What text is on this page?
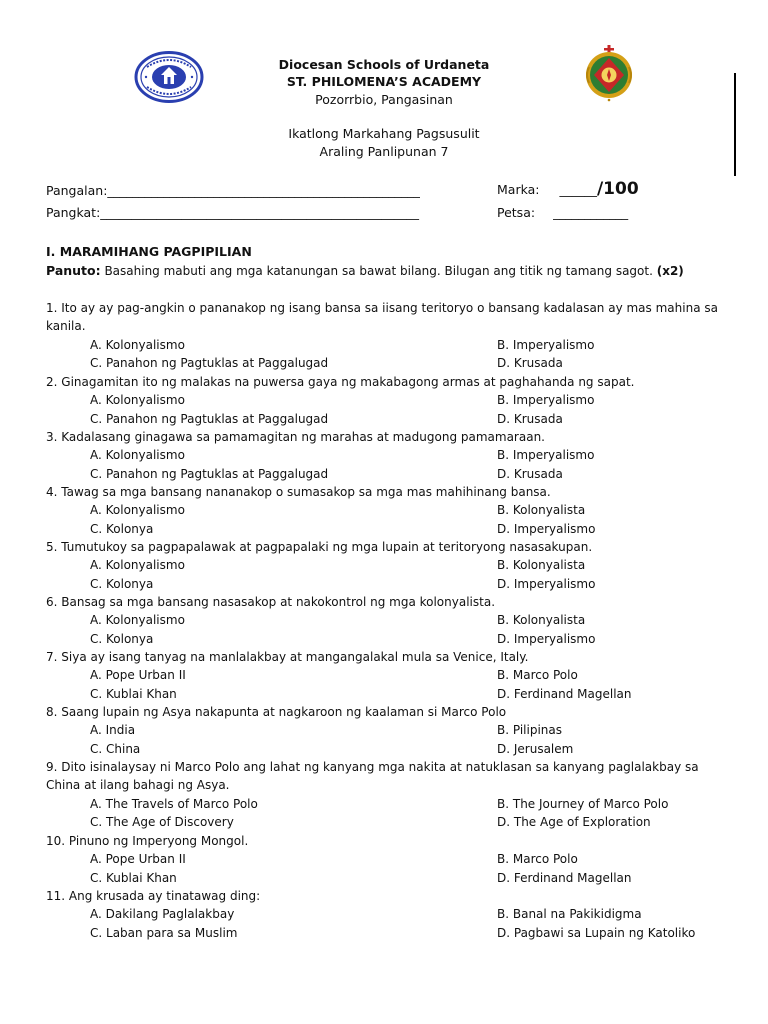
Diocesan Schools of Urdaneta
ST. PHILOMENA’S ACADEMY
Pozorrbio, Pangasinan
Ikatlong Markahang Pagsusulit
Araling Panlipunan 7
Pangalan:__________________________________________________
Pangkat:___________________________________________________
Marka: ______/100
Petsa: ____________
I. MARAMIHANG PAGPIPILIAN
Panuto: Basahing mabuti ang mga katanungan sa bawat bilang. Bilugan ang titik ng tamang sagot. (x2)
1. Ito ay ay pag-angkin o pananakop ng isang bansa sa iisang teritoryo o bansang kadalasan ay mas mahina sa kanila.
A. Kolonyalismo	B. Imperyalismo
C. Panahon ng Pagtuklas at Paggalugad	D. Krusada
2. Ginagamitan ito ng malakas na puwersa gaya ng makabagong armas at paghahanda ng sapat.
A. Kolonyalismo	B. Imperyalismo
C. Panahon ng Pagtuklas at Paggalugad	D. Krusada
3. Kadalasang ginagawa sa pamamagitan ng marahas at madugong pamamaraan.
A. Kolonyalismo	B. Imperyalismo
C. Panahon ng Pagtuklas at Paggalugad	D. Krusada
4. Tawag sa mga bansang nananakop o sumasakop sa mga mas mahihinang bansa.
A. Kolonyalismo	B. Kolonyalista
C. Kolonya	D. Imperyalismo
5. Tumutukoy sa pagpapalawak at pagpapalaki ng mga lupain at teritoryong nasasakupan.
A. Kolonyalismo	B. Kolonyalista
C. Kolonya	D. Imperyalismo
6. Bansag sa mga bansang nasasakop at nakokontrol ng mga kolonyalista.
A. Kolonyalismo	B. Kolonyalista
C. Kolonya	D. Imperyalismo
7. Siya ay isang tanyag na manlalakbay at mangangalakal mula sa Venice, Italy.
A. Pope Urban II	B. Marco Polo
C. Kublai Khan	D. Ferdinand Magellan
8. Saang lupain ng Asya nakapunta at nagkaroon ng kaalaman si Marco Polo
A. India	B. Pilipinas
C. China	D. Jerusalem
9. Dito isinalaysay ni Marco Polo ang lahat ng kanyang mga nakita at natuklasan sa kanyang paglalakbay sa China at ilang bahagi ng Asya.
A. The Travels of Marco Polo	B. The Journey of Marco Polo
C. The Age of Discovery	D. The Age of Exploration
10. Pinuno ng Imperyong Mongol.
A. Pope Urban II	B. Marco Polo
C. Kublai Khan	D. Ferdinand Magellan
11. Ang krusada ay tinatawag ding:
A. Dakilang Paglalakbay	B. Banal na Pakikidigma
C. Laban para sa Muslim	D. Pagbawi sa Lupain ng Katoliko
